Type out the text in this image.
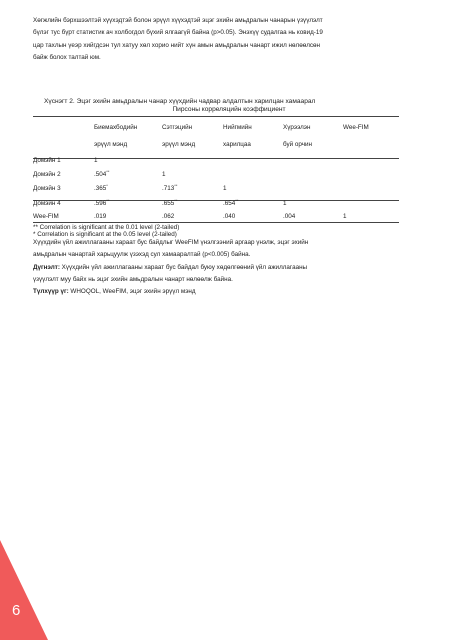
Хөгжлийн бэрхшээлтэй хүүхэдтэй болон эрүүл хүүхэдтэй эцэг эхийн амьдралын чанарын үзүүлэлт
бүлэг тус бүрт статистик ач холбогдол бүхий ялгаагүй байна (p>0.05). Энэхүү судалгаа нь ковид-19
цар тахлын үеэр хийгдсэн тул хатуу хөл хорио нийт хүн амын амьдралын чанарт ижил нөлөөлсөн
байж болох талтай юм.

Хүснэгт 2. Эцэг эхийн амьдралын чанар хүүхдийн чадвар алдалтын харилцан хамаарал

Пирсоны корреляцийн коэффициент

Биемахбодийн	Сэтгэцийн	Нийгмийн	Хүрээлэн	Wee-FIM
эрүүл мэнд	эрүүл мэнд	харилцаа	буй орчин
Домэйн 1	1
Домэйн 2	.504**	1
Домэйн 3	.365*	.713**	1
Домэйн 4	.596**	.655**	.654**	1
Wee-FIM	.019	.062	.040	.004	1
** Correlation is significant at the 0.01 level (2-tailed)
* Correlation is significant at the 0.05 level (2-tailed)

Хүүхдийн үйл ажиллагааны хараат бус байдлыг WeeFIM үнэлгээний аргаар үнэлж, эцэг эхийн
амьдралын чанартай харьцуулж үзэхэд сул хамааралтай (p<0.005) байна.
Дүгнэлт: Хүүхдийн үйл ажиллагааны хараат бус байдал буюу хөдөлгөөний үйл ажиллагааны
үзүүлэлт муу байх нь эцэг эхийн амьдралын чанарт нөлөөлж байна.
Түлхүүр үг: WHOQOL, WeeFIM, эцэг эхийн эрүүл мэнд

6
